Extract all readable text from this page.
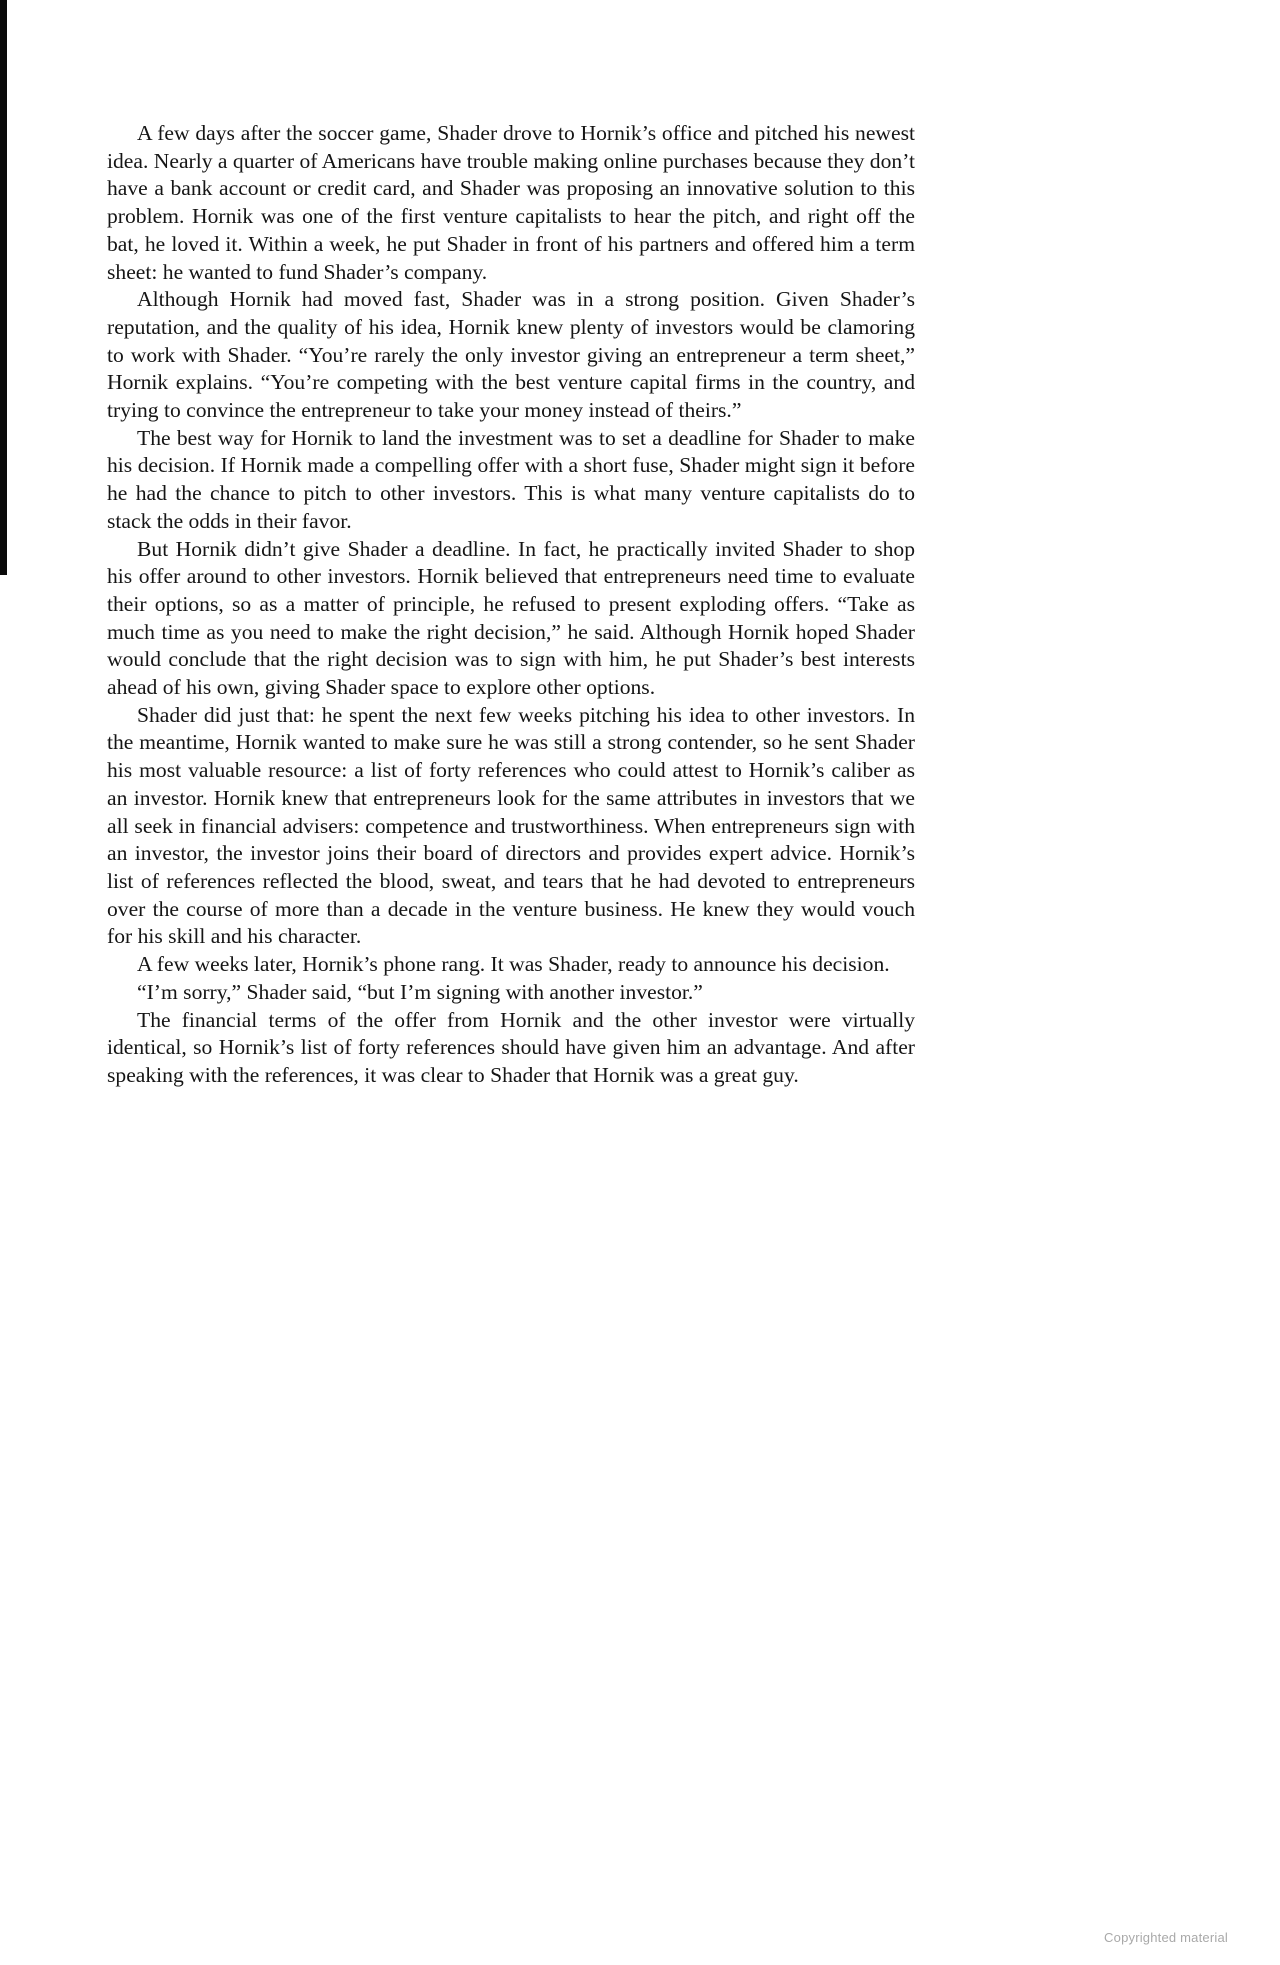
A few days after the soccer game, Shader drove to Hornik’s office and pitched his newest idea. Nearly a quarter of Americans have trouble making online purchases because they don’t have a bank account or credit card, and Shader was proposing an innovative solution to this problem. Hornik was one of the first venture capitalists to hear the pitch, and right off the bat, he loved it. Within a week, he put Shader in front of his partners and offered him a term sheet: he wanted to fund Shader’s company.

Although Hornik had moved fast, Shader was in a strong position. Given Shader’s reputation, and the quality of his idea, Hornik knew plenty of investors would be clamoring to work with Shader. “You’re rarely the only investor giving an entrepreneur a term sheet,” Hornik explains. “You’re competing with the best venture capital firms in the country, and trying to convince the entrepreneur to take your money instead of theirs.”

The best way for Hornik to land the investment was to set a deadline for Shader to make his decision. If Hornik made a compelling offer with a short fuse, Shader might sign it before he had the chance to pitch to other investors. This is what many venture capitalists do to stack the odds in their favor.

But Hornik didn’t give Shader a deadline. In fact, he practically invited Shader to shop his offer around to other investors. Hornik believed that entrepreneurs need time to evaluate their options, so as a matter of principle, he refused to present exploding offers. “Take as much time as you need to make the right decision,” he said. Although Hornik hoped Shader would conclude that the right decision was to sign with him, he put Shader’s best interests ahead of his own, giving Shader space to explore other options.

Shader did just that: he spent the next few weeks pitching his idea to other investors. In the meantime, Hornik wanted to make sure he was still a strong contender, so he sent Shader his most valuable resource: a list of forty references who could attest to Hornik’s caliber as an investor. Hornik knew that entrepreneurs look for the same attributes in investors that we all seek in financial advisers: competence and trustworthiness. When entrepreneurs sign with an investor, the investor joins their board of directors and provides expert advice. Hornik’s list of references reflected the blood, sweat, and tears that he had devoted to entrepreneurs over the course of more than a decade in the venture business. He knew they would vouch for his skill and his character.

A few weeks later, Hornik’s phone rang. It was Shader, ready to announce his decision.

“I’m sorry,” Shader said, “but I’m signing with another investor.”

The financial terms of the offer from Hornik and the other investor were virtually identical, so Hornik’s list of forty references should have given him an advantage. And after speaking with the references, it was clear to Shader that Hornik was a great guy.

Copyrighted material
